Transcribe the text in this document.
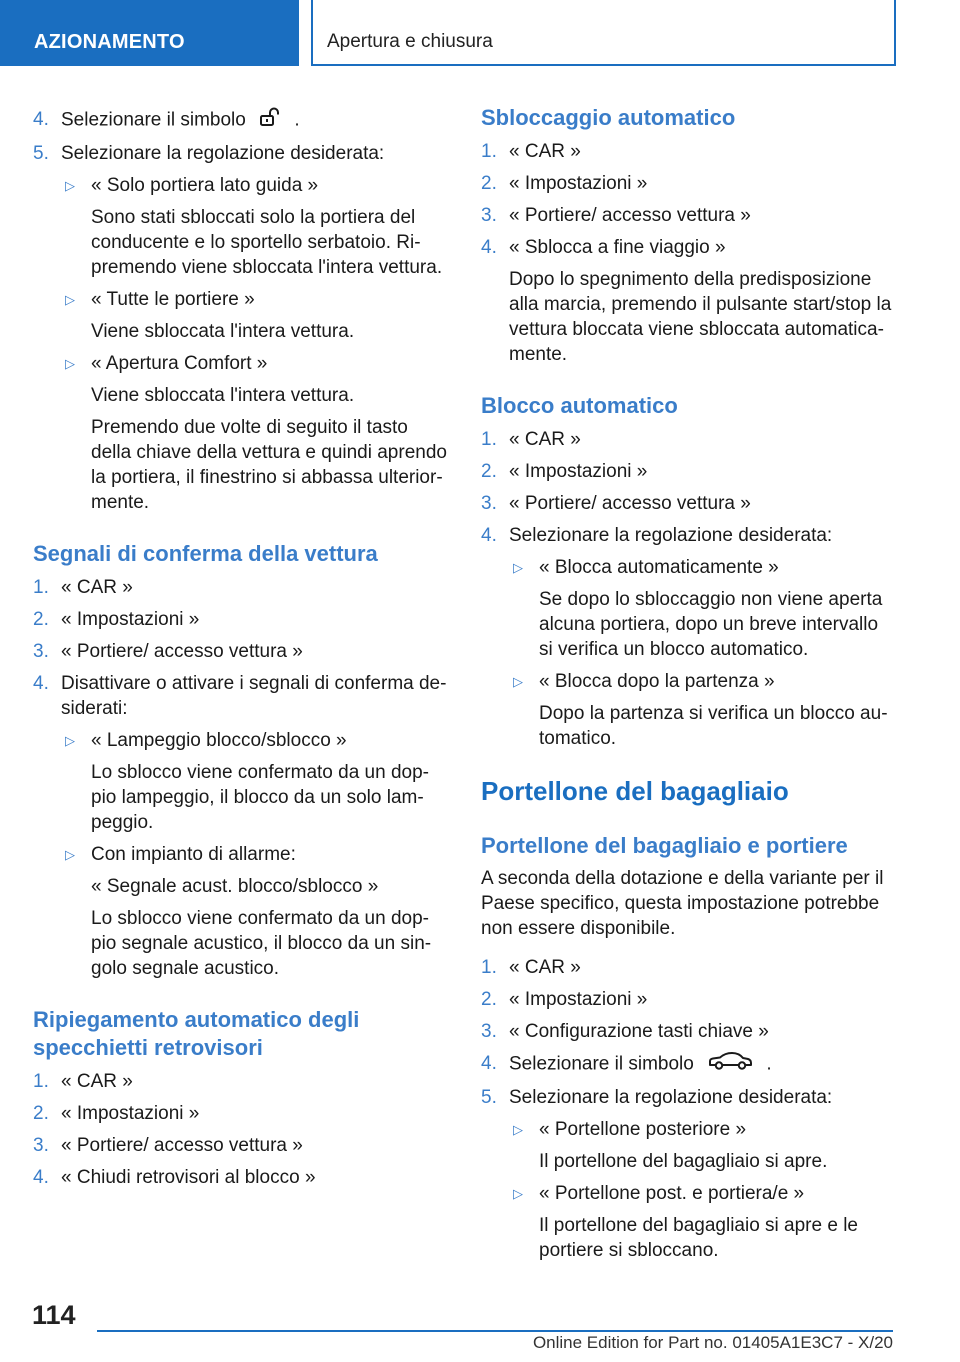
AZIONAMENTO	Apertura e chiusura
4. Selezionare il simbolo	.
5. Selezionare la regolazione desiderata:
▷ « Solo portiera lato guida »
Sono stati sbloccati solo la portiera del conducente e lo sportello serbatoio. Ripremendo viene sbloccata l'intera vettura.
▷ « Tutte le portiere »
Viene sbloccata l'intera vettura.
▷ « Apertura Comfort »
Viene sbloccata l'intera vettura.
Premendo due volte di seguito il tasto della chiave della vettura e quindi aprendo la portiera, il finestrino si abbassa ulteriormente.
Segnali di conferma della vettura
1. « CAR »
2. « Impostazioni »
3. « Portiere/ accesso vettura »
4. Disattivare o attivare i segnali di conferma desiderati:
▷ « Lampeggio blocco/sblocco »
Lo sblocco viene confermato da un doppio lampeggio, il blocco da un solo lampeggio.
▷ Con impianto di allarme:
« Segnale acust. blocco/sblocco »
Lo sblocco viene confermato da un doppio segnale acustico, il blocco da un singolo segnale acustico.
Ripiegamento automatico degli specchietti retrovisori
1. « CAR »
2. « Impostazioni »
3. « Portiere/ accesso vettura »
4. « Chiudi retrovisori al blocco »
Sbloccaggio automatico
1. « CAR »
2. « Impostazioni »
3. « Portiere/ accesso vettura »
4. « Sblocca a fine viaggio »
Dopo lo spegnimento della predisposizione alla marcia, premendo il pulsante start/stop la vettura bloccata viene sbloccata automaticamente.
Blocco automatico
1. « CAR »
2. « Impostazioni »
3. « Portiere/ accesso vettura »
4. Selezionare la regolazione desiderata:
▷ « Blocca automaticamente »
Se dopo lo sbloccaggio non viene aperta alcuna portiera, dopo un breve intervallo si verifica un blocco automatico.
▷ « Blocca dopo la partenza »
Dopo la partenza si verifica un blocco automatico.
Portellone del bagagliaio
Portellone del bagagliaio e portiere
A seconda della dotazione e della variante per il Paese specifico, questa impostazione potrebbe non essere disponibile.
1. « CAR »
2. « Impostazioni »
3. « Configurazione tasti chiave »
4. Selezionare il simbolo	.
5. Selezionare la regolazione desiderata:
▷ « Portellone posteriore »
Il portellone del bagagliaio si apre.
▷ « Portellone post. e portiera/e »
Il portellone del bagagliaio si apre e le portiere si sbloccano.
114
Online Edition for Part no. 01405A1E3C7 - X/20
